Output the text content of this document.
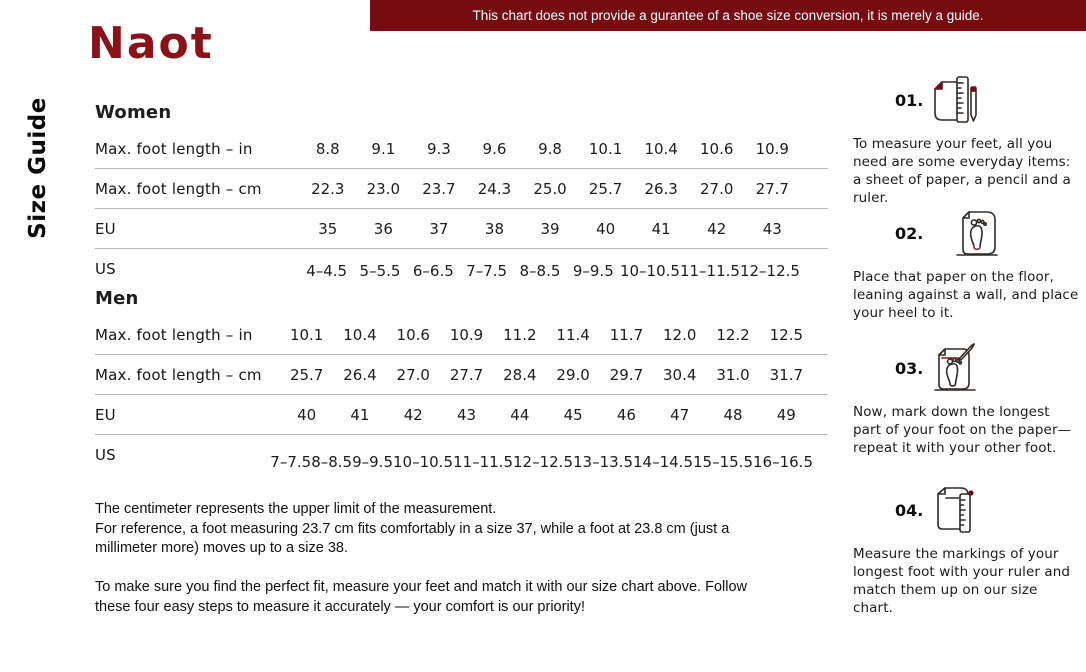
This chart does not provide a gurantee of a shoe size conversion, it is merely a guide.
Naot
Size Guide Women
Max. foot length – in	8.8	9.1	9.3	9.6	9.8	10.1	10.4	10.6	10.9
Max. foot length – cm	22.3	23.0	23.7	24.3	25.0	25.7	26.3	27.0	27.7
EU	35	36	37	38	39	40	41	42	43
US	4–4.5 5–5.5 6–6.5 7–7.5 8–8.5 9–9.5 10–10.5 11–11.5 12–12.5
Men
Max. foot length – in	10.1	10.4	10.6	10.9	11.2	11.4	11.7	12.0	12.2	12.5
Max. foot length – cm	25.7	26.4	27.0	27.7	28.4	29.0	29.7	30.4	31.0	31.7
EU	40	41	42	43	44	45	46	47	48	49
US	7–7.5 8–8.5 9–9.5 10–10.5 11–11.5 12–12.5 13–13.5 14–14.5 15–15.5 16–16.5

The centimeter represents the upper limit of the measurement.
For reference, a foot measuring 23.7 cm fits comfortably in a size 37, while a foot at 23.8 cm (just a millimeter more) moves up to a size 38.

To make sure you find the perfect fit, measure your feet and match it with our size chart above. Follow these four easy steps to measure it accurately — your comfort is our priority!

01.
To measure your feet, all you need are some everyday items: a sheet of paper, a pencil and a ruler.
02.
Place that paper on the floor, leaning against a wall, and place your heel to it.
03.
Now, mark down the longest part of your foot on the paper—repeat it with your other foot.
04.
Measure the markings of your longest foot with your ruler and match them up on our size chart.
